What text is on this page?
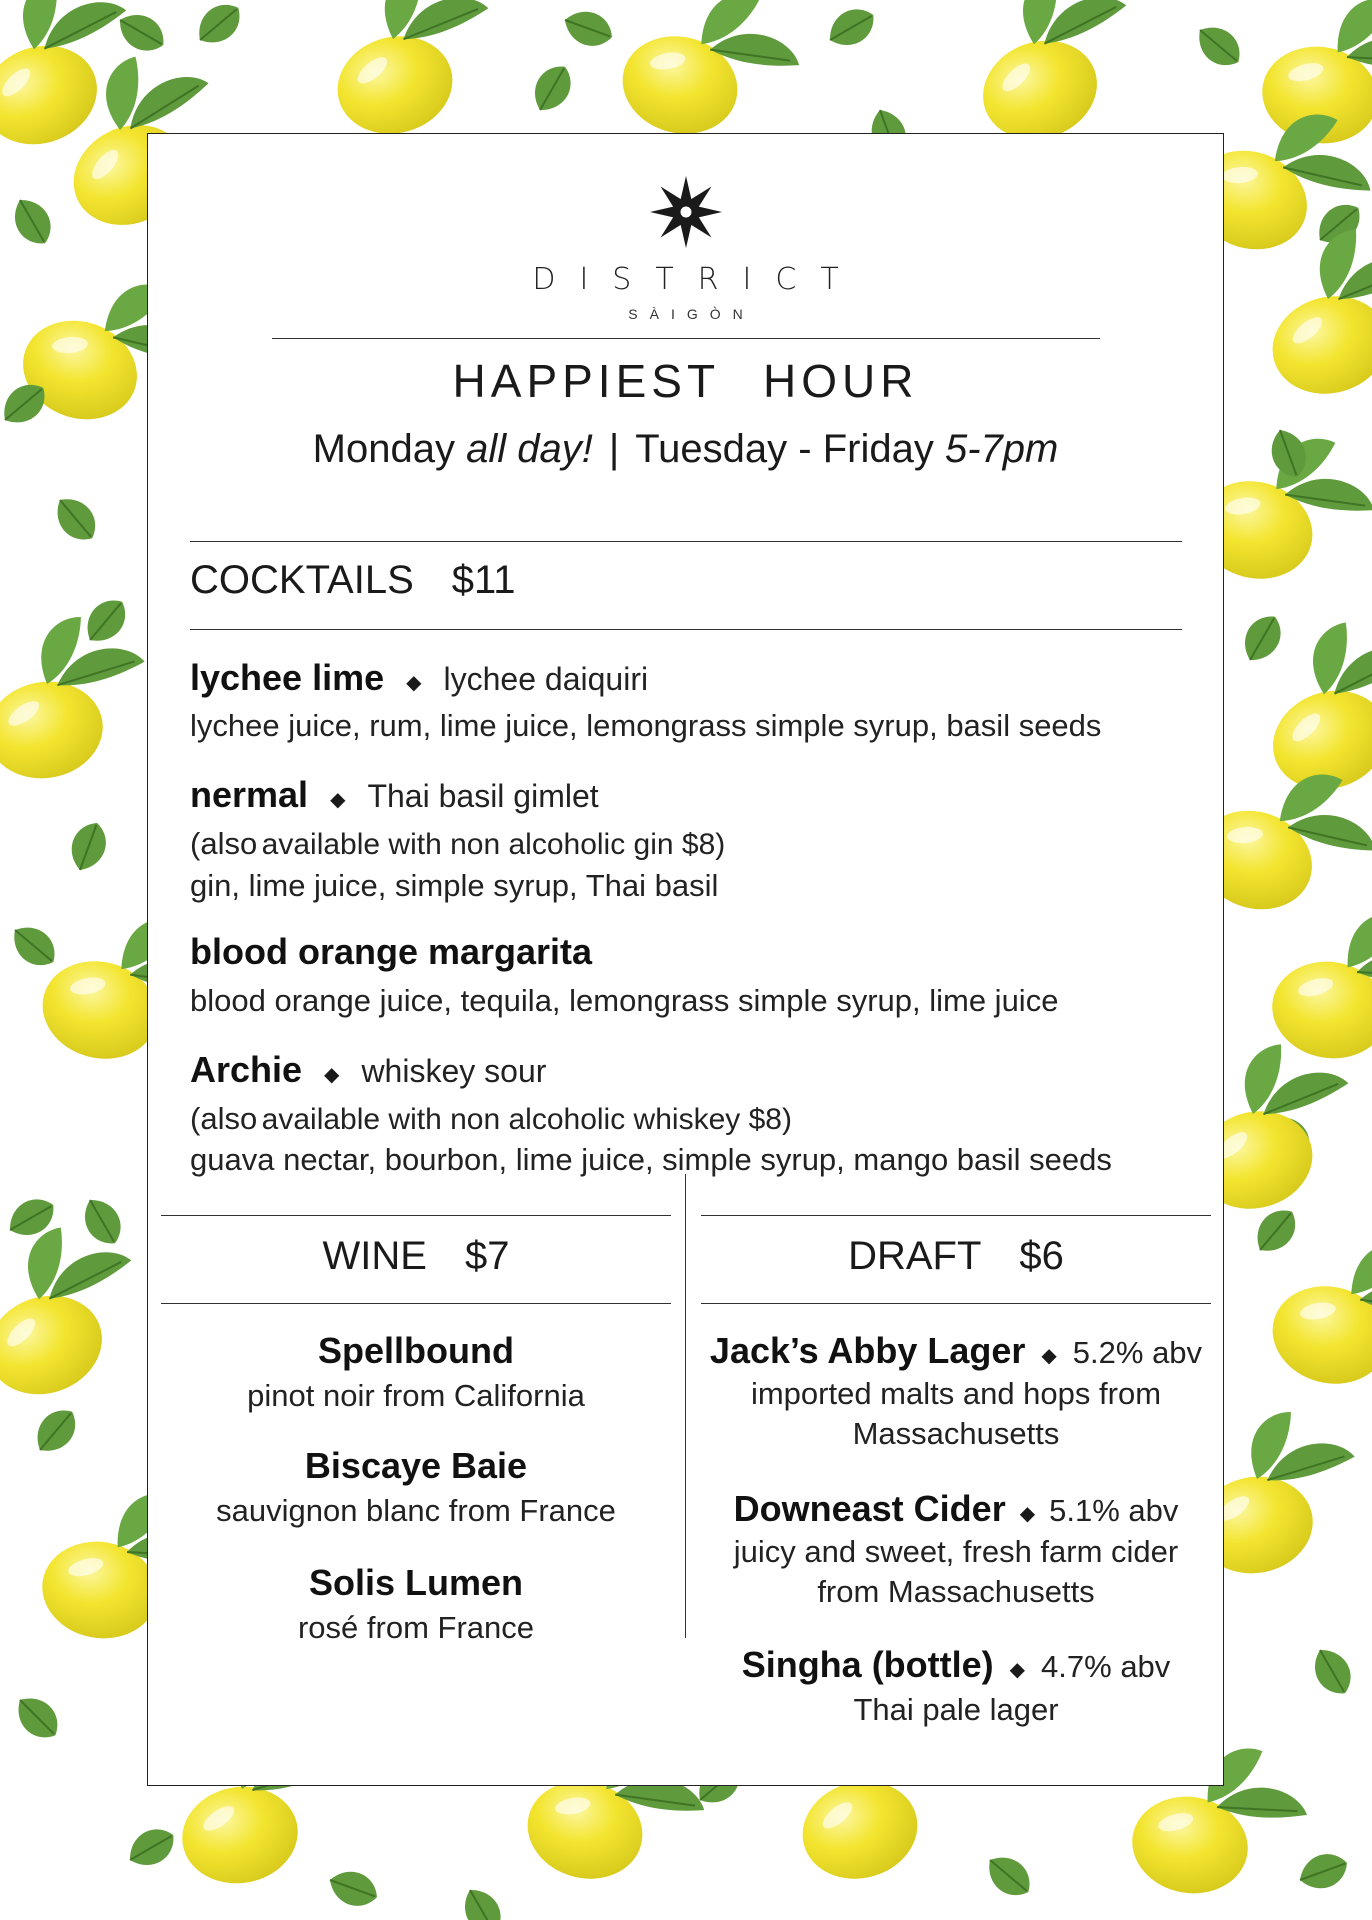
DISTRICT
SÀIGÒN
HAPPIEST HOUR
Monday all day! | Tuesday - Friday 5-7pm
COCKTAILS $11
lychee lime ◆ lychee daiquiri
lychee juice, rum, lime juice, lemongrass simple syrup, basil seeds
nermal ◆ Thai basil gimlet
(also available with non alcoholic gin $8)
gin, lime juice, simple syrup, Thai basil
blood orange margarita
blood orange juice, tequila, lemongrass simple syrup, lime juice
Archie ◆ whiskey sour
(also available with non alcoholic whiskey $8)
guava nectar, bourbon, lime juice, simple syrup, mango basil seeds
WINE $7
Spellbound
pinot noir from California
Biscaye Baie
sauvignon blanc from France
Solis Lumen
rosé from France
DRAFT $6
Jack’s Abby Lager ◆ 5.2% abv
imported malts and hops from
Massachusetts
Downeast Cider ◆ 5.1% abv
juicy and sweet, fresh farm cider
from Massachusetts
Singha (bottle) ◆ 4.7% abv
Thai pale lager
